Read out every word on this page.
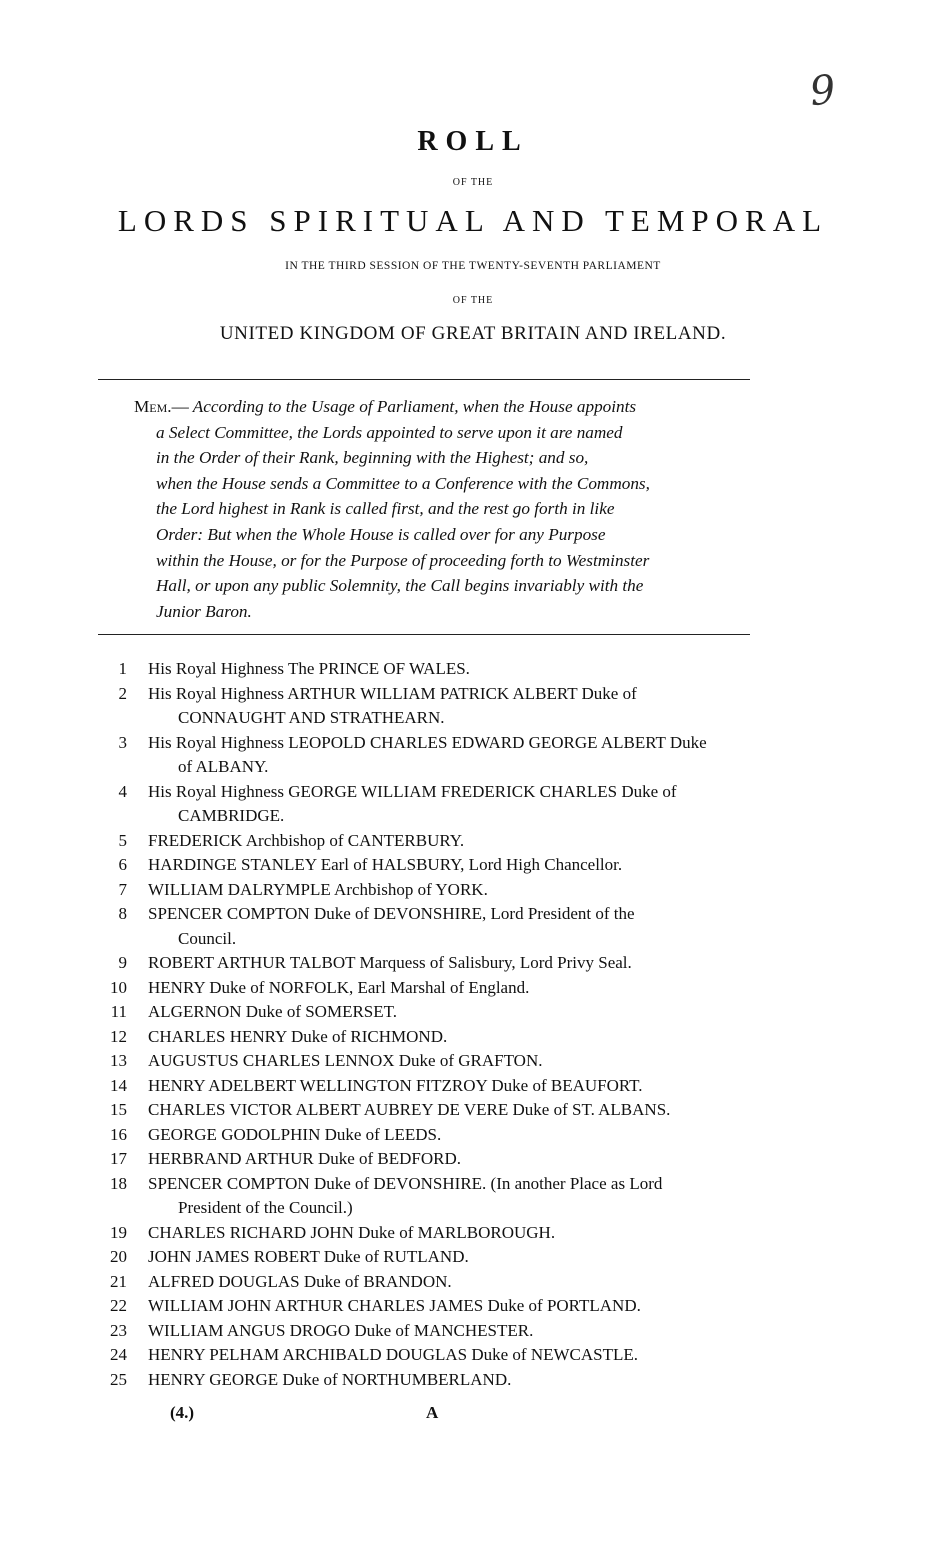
9
ROLL
OF THE
LORDS SPIRITUAL AND TEMPORAL
IN THE THIRD SESSION OF THE TWENTY-SEVENTH PARLIAMENT
OF THE
UNITED KINGDOM OF GREAT BRITAIN AND IRELAND.
Mem.— According to the Usage of Parliament, when the House appoints
a Select Committee, the Lords appointed to serve upon it are named
in the Order of their Rank, beginning with the Highest; and so,
when the House sends a Committee to a Conference with the Commons,
the Lord highest in Rank is called first, and the rest go forth in like
Order: But when the Whole House is called over for any Purpose
within the House, or for the Purpose of proceeding forth to Westminster
Hall, or upon any public Solemnity, the Call begins invariably with the
Junior Baron.
1 His Royal Highness The PRINCE OF WALES.
2 His Royal Highness ARTHUR WILLIAM PATRICK ALBERT Duke of
CONNAUGHT AND STRATHEARN.
3 His Royal Highness LEOPOLD CHARLES EDWARD GEORGE ALBERT Duke
of ALBANY.
4 His Royal Highness GEORGE WILLIAM FREDERICK CHARLES Duke of
CAMBRIDGE.
5 FREDERICK Archbishop of CANTERBURY.
6 HARDINGE STANLEY Earl of HALSBURY, Lord High Chancellor.
7 WILLIAM DALRYMPLE Archbishop of YORK.
8 SPENCER COMPTON Duke of DEVONSHIRE, Lord President of the
Council.
9 ROBERT ARTHUR TALBOT Marquess of Salisbury, Lord Privy Seal.
10 HENRY Duke of NORFOLK, Earl Marshal of England.
11 ALGERNON Duke of SOMERSET.
12 CHARLES HENRY Duke of RICHMOND.
13 AUGUSTUS CHARLES LENNOX Duke of GRAFTON.
14 HENRY ADELBERT WELLINGTON FITZROY Duke of BEAUFORT.
15 CHARLES VICTOR ALBERT AUBREY DE VERE Duke of ST. ALBANS.
16 GEORGE GODOLPHIN Duke of LEEDS.
17 HERBRAND ARTHUR Duke of BEDFORD.
18 SPENCER COMPTON Duke of DEVONSHIRE. (In another Place as Lord
President of the Council.)
19 CHARLES RICHARD JOHN Duke of MARLBOROUGH.
20 JOHN JAMES ROBERT Duke of RUTLAND.
21 ALFRED DOUGLAS Duke of BRANDON.
22 WILLIAM JOHN ARTHUR CHARLES JAMES Duke of PORTLAND.
23 WILLIAM ANGUS DROGO Duke of MANCHESTER.
24 HENRY PELHAM ARCHIBALD DOUGLAS Duke of NEWCASTLE.
25 HENRY GEORGE Duke of NORTHUMBERLAND.
(4.)	A
